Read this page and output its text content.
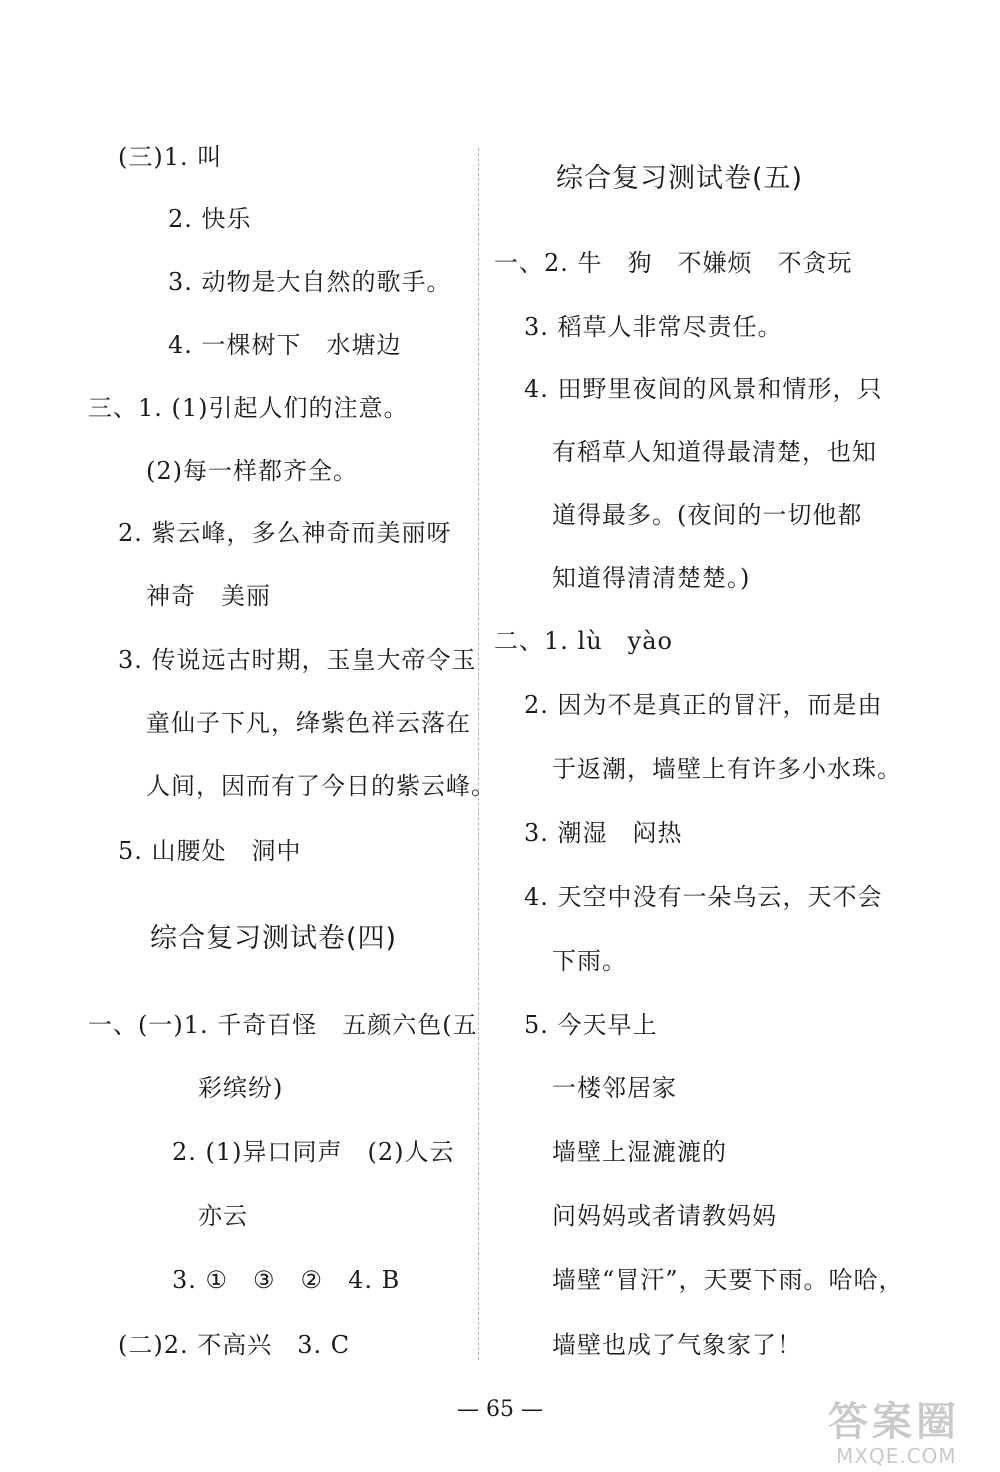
(三)1. 叫
2. 快乐
3. 动物是大自然的歌手。
4. 一棵树下　水塘边
三、1. (1)引起人们的注意。
(2)每一样都齐全。
2. 紫云峰，多么神奇而美丽呀
神奇　美丽
3. 传说远古时期，玉皇大帝令玉
童仙子下凡，绛紫色祥云落在
人间，因而有了今日的紫云峰。
5. 山腰处　洞中
综合复习测试卷(四)
一、(一)1. 千奇百怪　五颜六色(五
彩缤纷)
2. (1)异口同声　(2)人云
亦云
3. ①　③　②　4. B
(二)2. 不高兴　3. C
综合复习测试卷(五)
一、2. 牛　狗　不嫌烦　不贪玩
3. 稻草人非常尽责任。
4. 田野里夜间的风景和情形，只
有稻草人知道得最清楚，也知
道得最多。(夜间的一切他都
知道得清清楚楚。)
二、1. lù　yào
2. 因为不是真正的冒汗，而是由
于返潮，墙壁上有许多小水珠。
3. 潮湿　闷热
4. 天空中没有一朵乌云，天不会
下雨。
5. 今天早上
一楼邻居家
墙壁上湿漉漉的
问妈妈或者请教妈妈
墙壁“冒汗”，天要下雨。哈哈，
墙壁也成了气象家了！
— 65 —	答案圈
MXQE.COM
